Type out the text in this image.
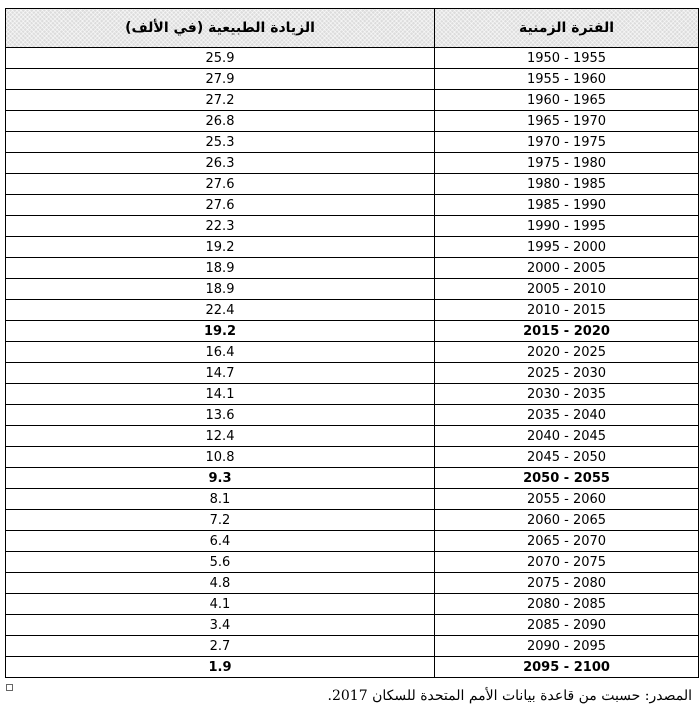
الفترة الزمنية	الزيادة الطبيعية (في الألف)
1950 - 1955	25.9
1955 - 1960	27.9
1960 - 1965	27.2
1965 - 1970	26.8
1970 - 1975	25.3
1975 - 1980	26.3
1980 - 1985	27.6
1985 - 1990	27.6
1990 - 1995	22.3
1995 - 2000	19.2
2000 - 2005	18.9
2005 - 2010	18.9
2010 - 2015	22.4
2015 - 2020	19.2
2020 - 2025	16.4
2025 - 2030	14.7
2030 - 2035	14.1
2035 - 2040	13.6
2040 - 2045	12.4
2045 - 2050	10.8
2050 - 2055	9.3
2055 - 2060	8.1
2060 - 2065	7.2
2065 - 2070	6.4
2070 - 2075	5.6
2075 - 2080	4.8
2080 - 2085	4.1
2085 - 2090	3.4
2090 - 2095	2.7
2095 - 2100	1.9
المصدر: حسبت من قاعدة بيانات الأمم المتحدة للسكان 2017.
